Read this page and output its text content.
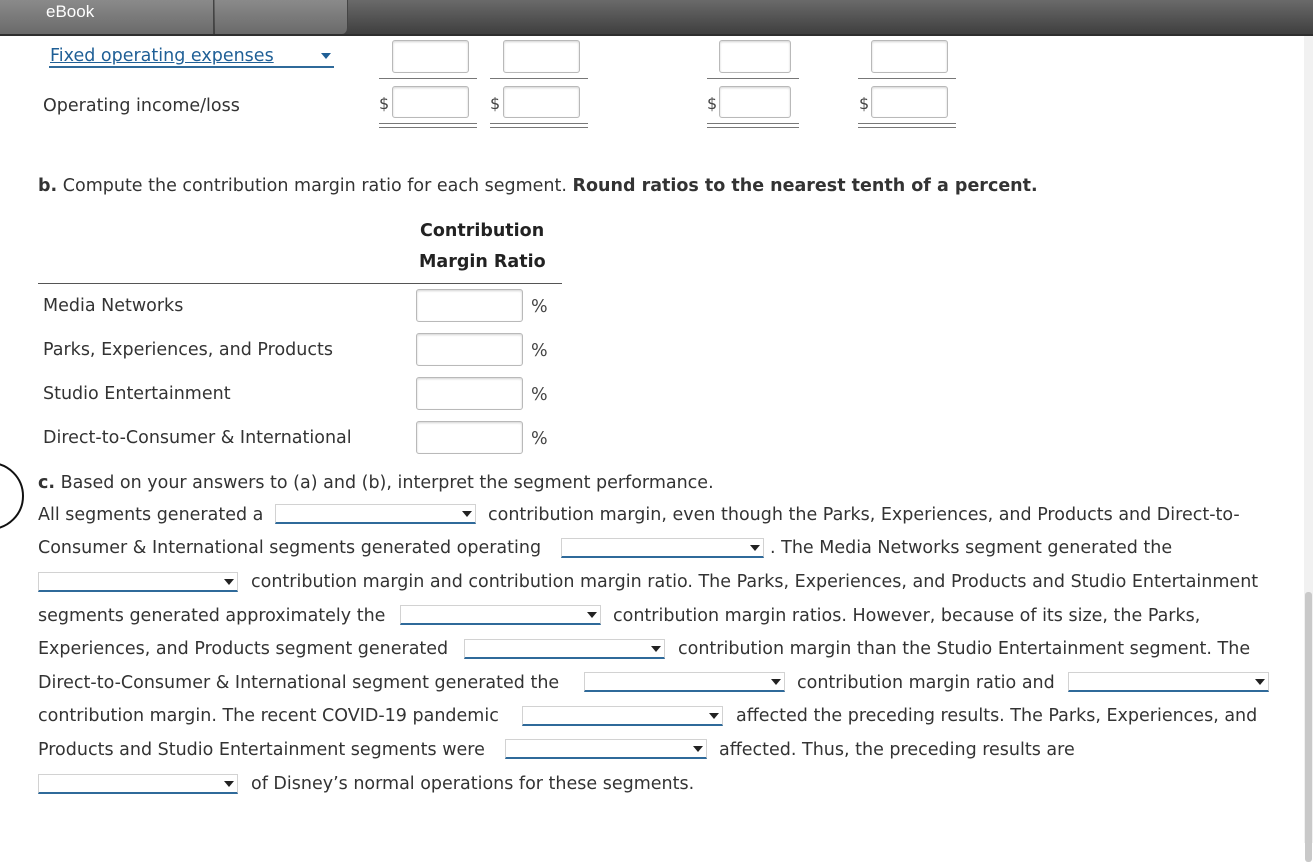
eBook
Fixed operating expenses
Operating income/loss	$	$	$	$
b. Compute the contribution margin ratio for each segment. Round ratios to the nearest tenth of a percent.
Contribution
Margin Ratio
Media Networks	%
Parks, Experiences, and Products	%
Studio Entertainment	%
Direct-to-Consumer & International	%
c. Based on your answers to (a) and (b), interpret the segment performance.
All segments generated a	contribution margin, even though the Parks, Experiences, and Products and Direct-to-
Consumer & International segments generated operating	. The Media Networks segment generated the
contribution margin and contribution margin ratio. The Parks, Experiences, and Products and Studio Entertainment
segments generated approximately the	contribution margin ratios. However, because of its size, the Parks,
Experiences, and Products segment generated	contribution margin than the Studio Entertainment segment. The
Direct-to-Consumer & International segment generated the	contribution margin ratio and
contribution margin. The recent COVID-19 pandemic	affected the preceding results. The Parks, Experiences, and
Products and Studio Entertainment segments were	affected. Thus, the preceding results are
of Disney’s normal operations for these segments.
